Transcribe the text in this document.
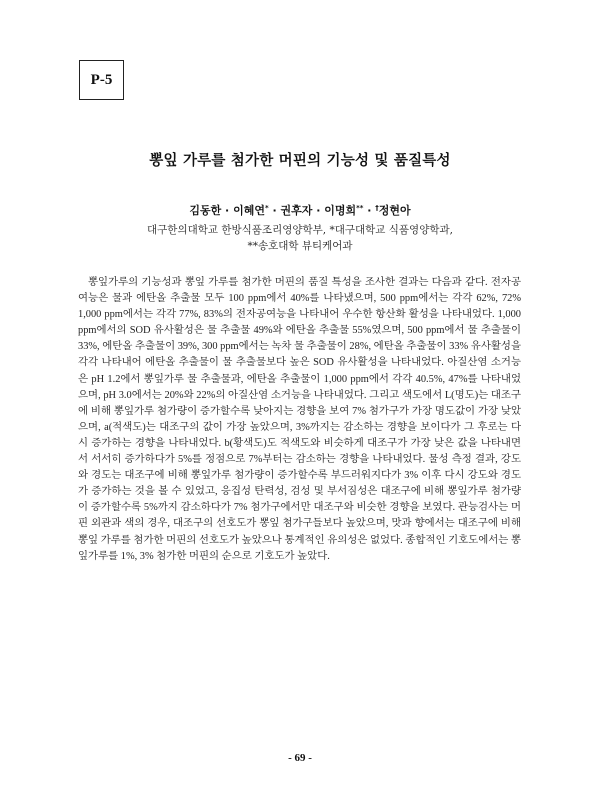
P-5
뽕잎 가루를 첨가한 머핀의 기능성 및 품질특성
김동한 · 이혜연* · 권후자 · 이명희** · †정현아
대구한의대학교 한방식품조리영양학부, *대구대학교 식품영양학과,
**송호대학 뷰티케어과

뽕잎가루의 기능성과 뽕잎 가루를 첨가한 머핀의 품질 특성을 조사한 결과는 다음과 같다. 전자공여능은 물과 에탄올 추출물 모두 100 ppm에서 40%를 나타냈으며, 500 ppm에서는 각각 62%, 72% 1,000 ppm에서는 각각 77%, 83%의 전자공여능을 나타내어 우수한 항산화 활성을 나타내었다. 1,000 ppm에서의 SOD 유사활성은 물 추출물 49%와 에탄올 추출물 55%였으며, 500 ppm에서 물 추출물이 33%, 에탄올 추출물이 39%, 300 ppm에서는 녹차 물 추출물이 28%, 에탄올 추출물이 33% 유사활성을 각각 나타내어 에탄올 추출물이 물 추출물보다 높은 SOD 유사활성을 나타내었다. 아질산염 소거능은 pH 1.2에서 뽕잎가루 물 추출물과, 에탄올 추출물이 1,000 ppm에서 각각 40.5%, 47%를 나타내었으며, pH 3.0에서는 20%와 22%의 아질산염 소거능을 나타내었다. 그리고 색도에서 L(명도)는 대조구에 비해 뽕잎가루 첨가량이 증가할수록 낮아지는 경향을 보여 7% 첨가구가 가장 명도값이 가장 낮았으며, a(적색도)는 대조구의 값이 가장 높았으며, 3%까지는 감소하는 경향을 보이다가 그 후로는 다시 증가하는 경향을 나타내었다. b(황색도)도 적색도와 비슷하게 대조구가 가장 낮은 값을 나타내면서 서서히 증가하다가 5%를 정점으로 7%부터는 감소하는 경향을 나타내었다. 물성 측정 결과, 강도와 경도는 대조구에 비해 뽕잎가루 첨가량이 증가할수록 부드러워지다가 3% 이후 다시 강도와 경도가 증가하는 것을 볼 수 있었고, 응집성 탄력성, 검성 및 부서짐성은 대조구에 비해 뽕잎가루 첨가량이 증가할수록 5%까지 감소하다가 7% 첨가구에서만 대조구와 비슷한 경향을 보였다. 관능검사는 머핀 외관과 색의 경우, 대조구의 선호도가 뽕잎 첨가구들보다 높았으며, 맛과 향에서는 대조구에 비해 뽕잎 가루를 첨가한 머핀의 선호도가 높았으나 통계적인 유의성은 없었다. 종합적인 기호도에서는 뽕잎가루를 1%, 3% 첨가한 머핀의 순으로 기호도가 높았다.

- 69 -
